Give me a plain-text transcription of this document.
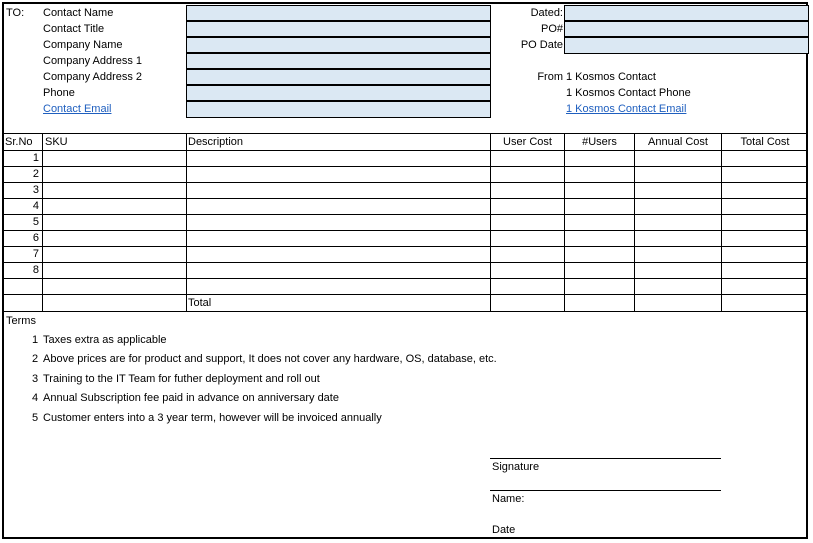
TO: Contact Name
Contact Title
Company Name
Company Address 1
Company Address 2
Phone
Contact Email
Dated:
PO#
PO Date
From 1 Kosmos Contact
1 Kosmos Contact Phone
1 Kosmos Contact Email
Sr.No SKU	Description	User Cost	#Users	Annual Cost	Total Cost
1
2
3
4
5
6
7
8
Total
Terms
1 Taxes extra as applicable
2 Above prices are for product and support, It does not cover any hardware, OS, database, etc.
3 Training to the IT Team for futher deployment and roll out
4 Annual Subscription fee paid in advance on anniversary date
5 Customer enters into a 3 year term, however will be invoiced annually
Signature
Name:
Date
